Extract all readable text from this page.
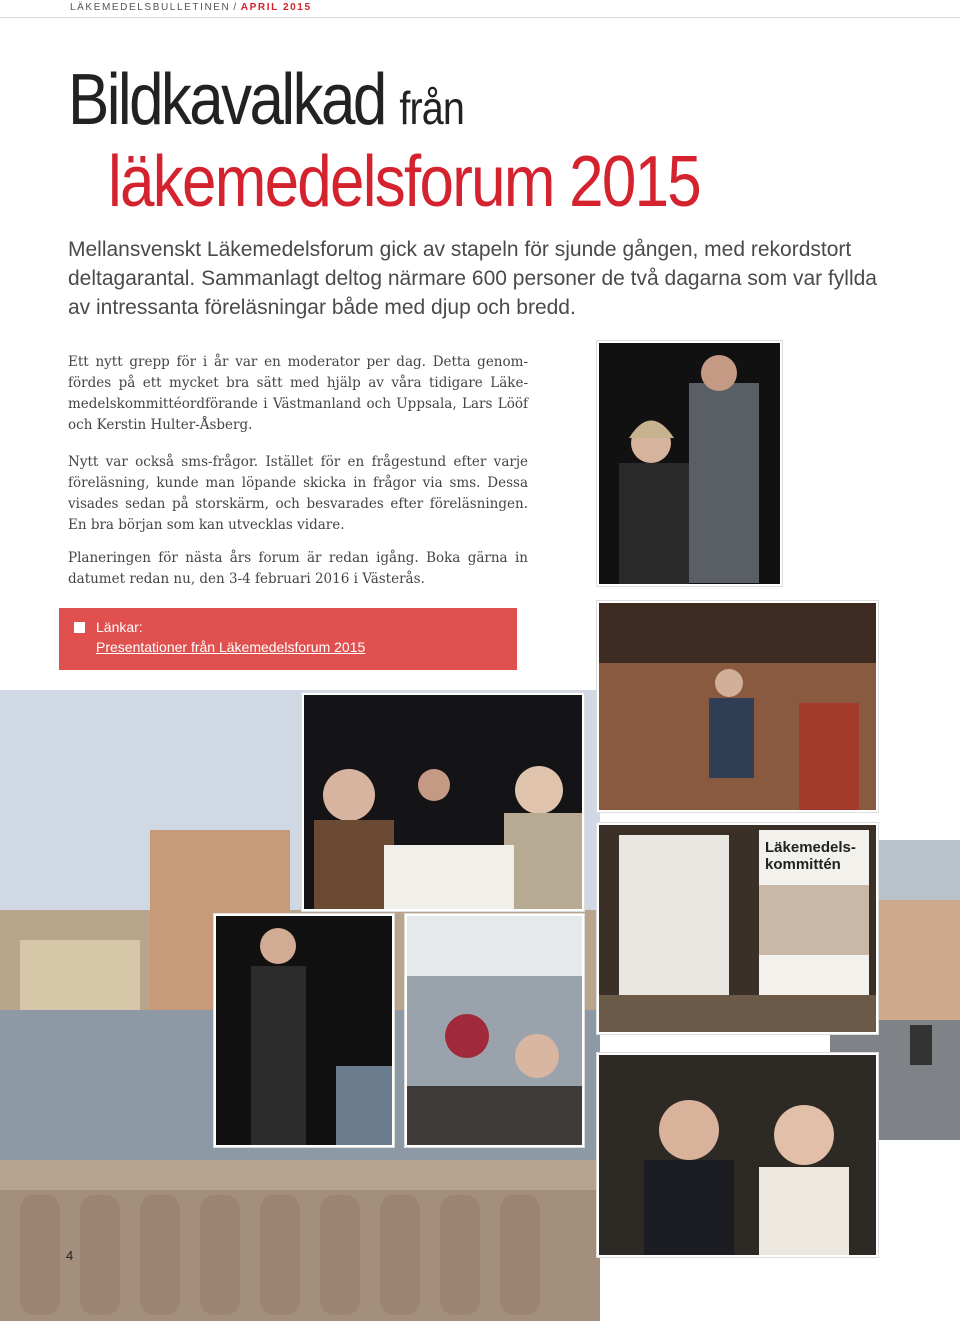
LÄKEMEDELSBULLETINEN / APRIL 2015
Bildkavalkad från
läkemedelsforum 2015

Mellansvenskt Läkemedelsforum gick av stapeln för sjunde gången, med rekordstort deltagarantal. Sammanlagt deltog närmare 600 personer de två dagarna som var fyllda av intressanta föreläsningar både med djup och bredd.

Ett nytt grepp för i år var en moderator per dag. Detta genomfördes på ett mycket bra sätt med hjälp av våra tidigare Läkemedelskommittéordförande i Västmanland och Uppsala, Lars Lööf och Kerstin Hulter-Åsberg.

Nytt var också sms-frågor. Istället för en frågestund efter varje föreläsning, kunde man löpande skicka in frågor via sms. Dessa visades sedan på storskärm, och besvarades efter föreläsningen. En bra början som kan utvecklas vidare.

Planeringen för nästa års forum är redan igång. Boka gärna in datumet redan nu, den 3-4 februari 2016 i Västerås.

Länkar:
Presentationer från Läkemedelsforum 2015
Läkemedels-
kommittén
4
